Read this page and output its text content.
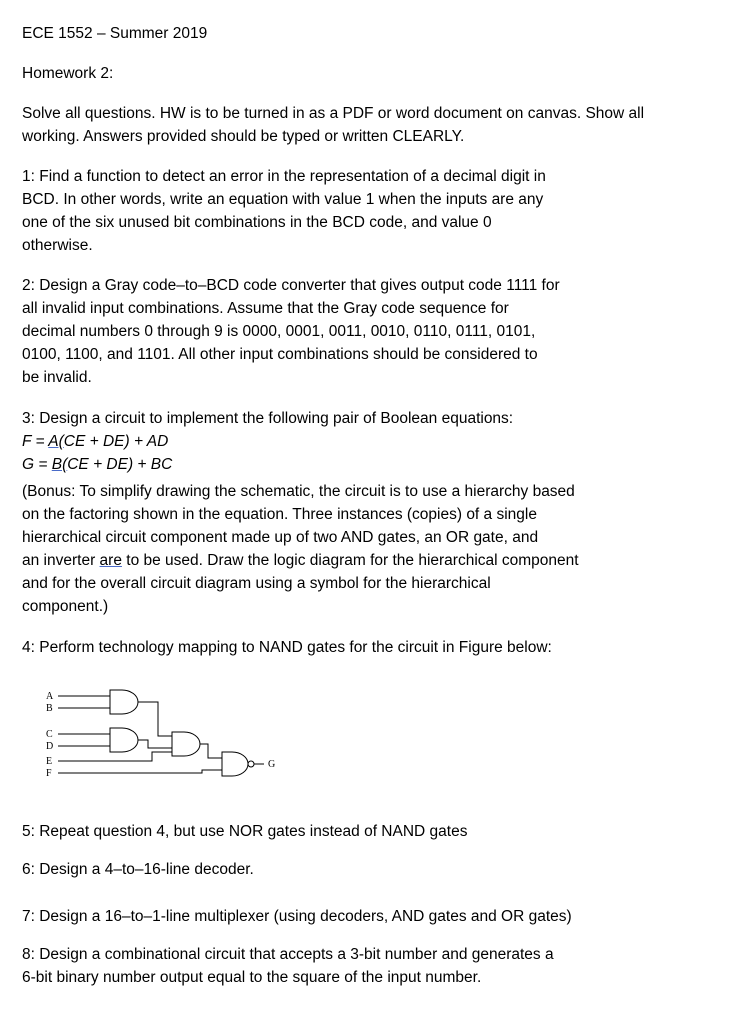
ECE 1552 – Summer 2019
Homework 2:
Solve all questions. HW is to be turned in as a PDF or word document on canvas. Show all
working. Answers provided should be typed or written CLEARLY.
1: Find a function to detect an error in the representation of a decimal digit in
BCD. In other words, write an equation with value 1 when the inputs are any
one of the six unused bit combinations in the BCD code, and value 0
otherwise.
2: Design a Gray code–to–BCD code converter that gives output code 1111 for
all invalid input combinations. Assume that the Gray code sequence for
decimal numbers 0 through 9 is 0000, 0001, 0011, 0010, 0110, 0111, 0101,
0100, 1100, and 1101. All other input combinations should be considered to
be invalid.
3: Design a circuit to implement the following pair of Boolean equations:
F = A(CE + DE) + AD
G = B(CE + DE) + BC
(Bonus: To simplify drawing the schematic, the circuit is to use a hierarchy based
on the factoring shown in the equation. Three instances (copies) of a single
hierarchical circuit component made up of two AND gates, an OR gate, and
an inverter are to be used. Draw the logic diagram for the hierarchical component
and for the overall circuit diagram using a symbol for the hierarchical
component.)
4: Perform technology mapping to NAND gates for the circuit in Figure below:
A
B
C
D
E
F
G
5: Repeat question 4, but use NOR gates instead of NAND gates
6: Design a 4–to–16-line decoder.
7: Design a 16–to–1-line multiplexer (using decoders, AND gates and OR gates)
8: Design a combinational circuit that accepts a 3-bit number and generates a
6-bit binary number output equal to the square of the input number.
